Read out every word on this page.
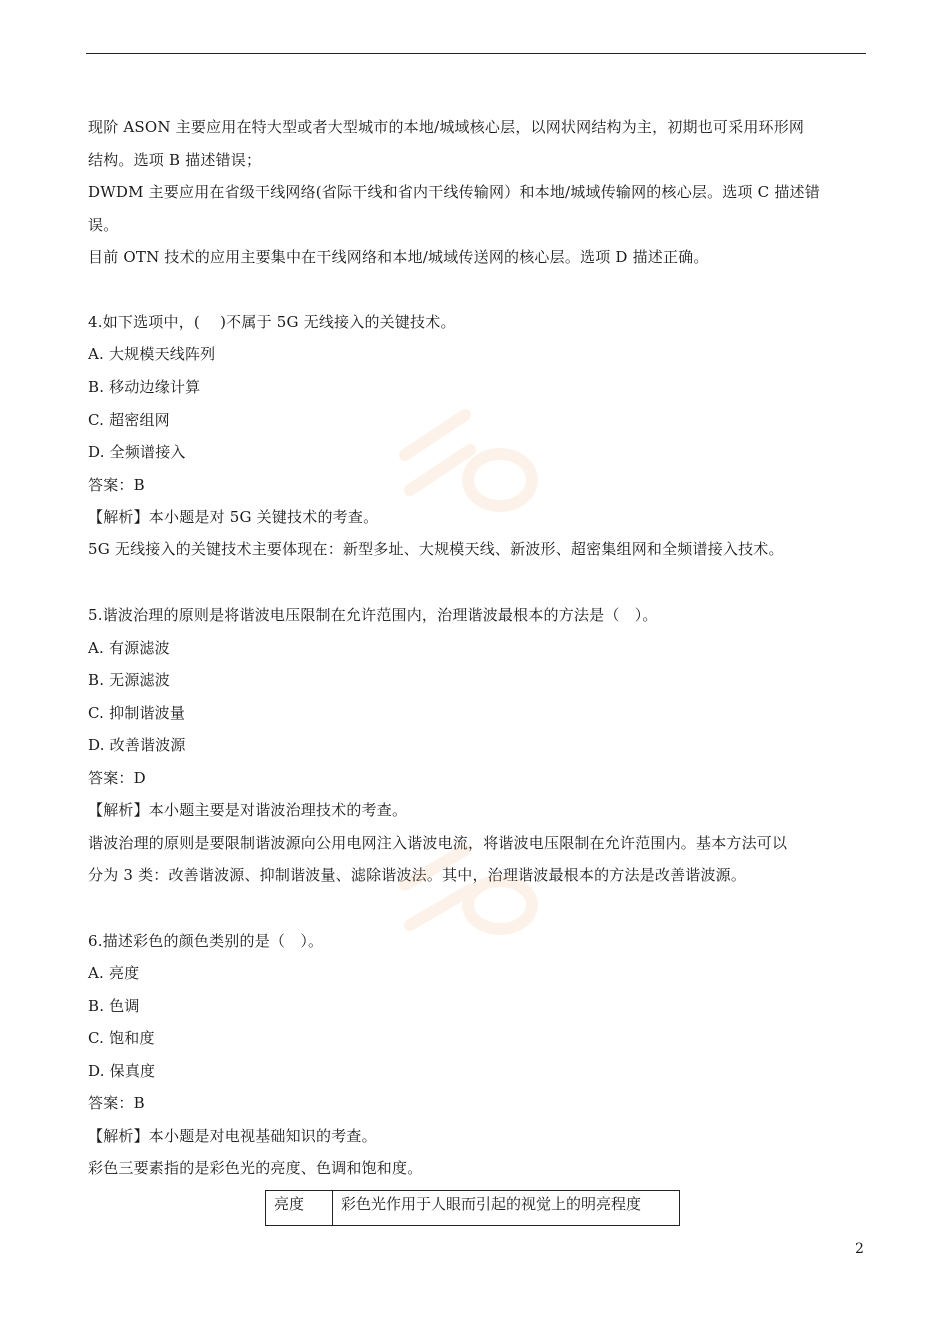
现阶 ASON 主要应用在特大型或者大型城市的本地/城域核心层，以网状网结构为主，初期也可采用环形网
结构。选项 B 描述错误；
DWDM 主要应用在省级干线网络(省际干线和省内干线传输网）和本地/城域传输网的核心层。选项 C 描述错
误。
目前 OTN 技术的应用主要集中在干线网络和本地/城域传送网的核心层。选项 D 描述正确。
4.如下选项中，(　 )不属于 5G 无线接入的关键技术。
A. 大规模天线阵列
B. 移动边缘计算
C. 超密组网
D. 全频谱接入
答案：B
【解析】本小题是对 5G 关键技术的考查。
5G 无线接入的关键技术主要体现在：新型多址、大规模天线、新波形、超密集组网和全频谱接入技术。
5.谐波治理的原则是将谐波电压限制在允许范围内，治理谐波最根本的方法是（　）。
A. 有源滤波
B. 无源滤波
C. 抑制谐波量
D. 改善谐波源
答案：D
【解析】本小题主要是对谐波治理技术的考查。
谐波治理的原则是要限制谐波源向公用电网注入谐波电流，将谐波电压限制在允许范围内。基本方法可以
分为 3 类：改善谐波源、抑制谐波量、滤除谐波法。其中，治理谐波最根本的方法是改善谐波源。
6.描述彩色的颜色类别的是（　）。
A. 亮度
B. 色调
C. 饱和度
D. 保真度
答案：B
【解析】本小题是对电视基础知识的考查。
彩色三要素指的是彩色光的亮度、色调和饱和度。
亮度	彩色光作用于人眼而引起的视觉上的明亮程度
2
